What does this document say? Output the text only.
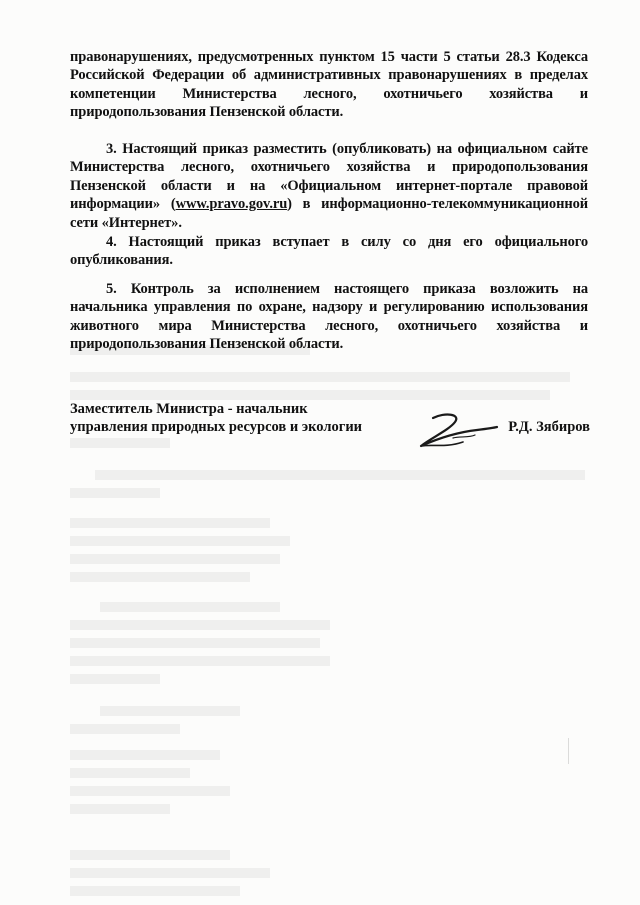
правонарушениях, предусмотренных пунктом 15 части 5 статьи 28.3 Кодекса Российской Федерации об административных правонарушениях в пределах компетенции Министерства лесного, охотничьего хозяйства и природопользования Пензенской области.
3. Настоящий приказ разместить (опубликовать) на официальном сайте Министерства лесного, охотничьего хозяйства и природопользования Пензенской области и на «Официальном интернет-портале правовой информации» (www.pravo.gov.ru) в информационно-телекоммуникационной сети «Интернет».
4. Настоящий приказ вступает в силу со дня его официального опубликования.
5. Контроль за исполнением настоящего приказа возложить на начальника управления по охране, надзору и регулированию использования животного мира Министерства лесного, охотничьего хозяйства и природопользования Пензенской области.
Заместитель Министра - начальник управления природных ресурсов и экологии	Р.Д. Зябиров
